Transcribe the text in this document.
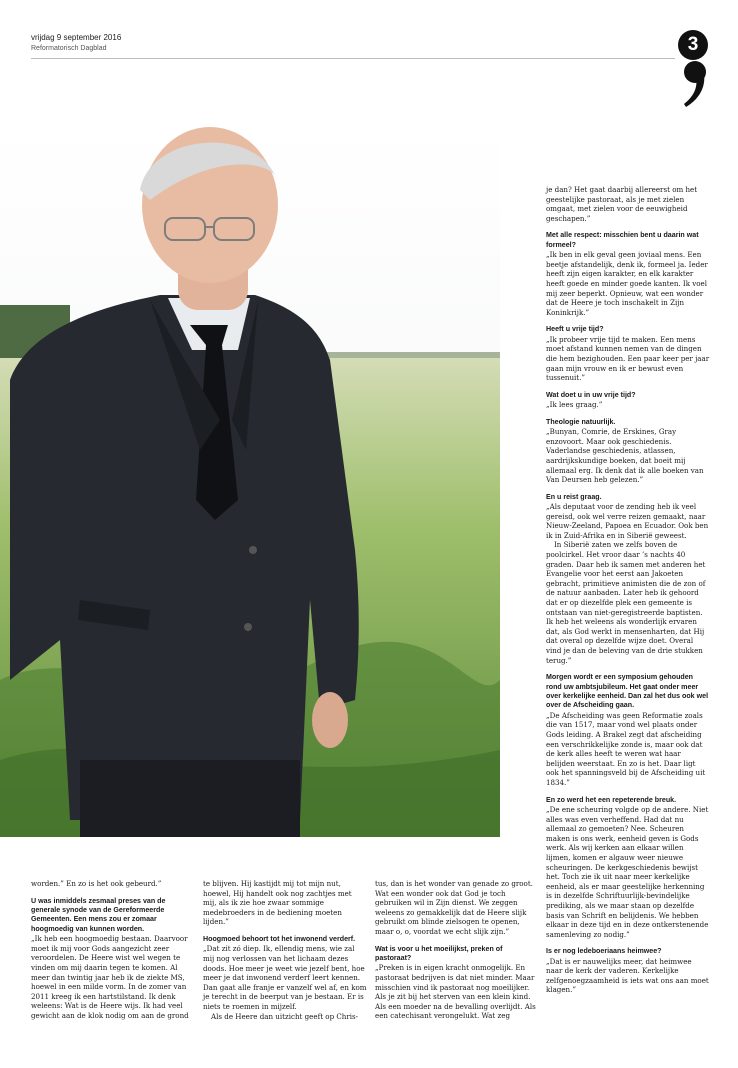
vrijdag 9 september 2016
Reformatorisch Dagblad	3

worden.” En zo is het ook gebeurd.”

U was inmiddels zesmaal preses van de generale synode van de Gereformeerde Gemeenten. Een mens zou er zomaar hoogmoedig van kunnen worden.

„Ik heb een hoogmoedig bestaan. Daarvoor moet ik mij voor Gods aangezicht zeer veroordelen. De Heere wist wel wegen te vinden om mij daarin tegen te komen. Al meer dan twintig jaar heb ik de ziekte MS, hoewel in een milde vorm. In de zomer van 2011 kreeg ik een hartstilstand. Ik denk weleens: Wat is de Heere wijs. Ik had veel gewicht aan de klok nodig om aan de grond

te blijven. Hij kastijdt mij tot mijn nut, hoewel, Hij handelt ook nog zachtjes met mij, als ik zie hoe zwaar sommige medebroeders in de bediening moeten lijden.”

Hoogmoed behoort tot het inwonend verderf.

„Dat zit zó diep. Ik, ellendig mens, wie zal mij nog verlossen van het lichaam dezes doods. Hoe meer je weet wie jezelf bent, hoe meer je dat inwonend verderf leert kennen. Dan gaat alle franje er vanzelf wel af, en kom je terecht in de beerput van je bestaan. Er is niets te roemen in mijzelf.

Als de Heere dan uitzicht geeft op Chris-

tus, dan is het wonder van genade zo groot. Wat een wonder ook dat God je toch gebruiken wil in Zijn dienst. We zeggen weleens zo gemakkelijk dat de Heere slijk gebruikt om blinde zielsogen te openen, maar o, o, voordat we echt slijk zijn.”

Wat is voor u het moeilijkst, preken of pastoraat?

„Preken is in eigen kracht onmogelijk. En pastoraat bedrijven is dat niet minder. Maar misschien vind ik pastoraat nog moeilijker. Als je zit bij het sterven van een klein kind. Als een moeder na de bevalling overlijdt. Als een catechisant verongelukt. Wat zeg

je dan? Het gaat daarbij allereerst om het geestelijke pastoraat, als je met zielen omgaat, met zielen voor de eeuwigheid geschapen.”

Met alle respect: misschien bent u daarin wat formeel?

„Ik ben in elk geval geen joviaal mens. Een beetje afstandelijk, denk ik, formeel ja. Ieder heeft zijn eigen karakter, en elk karakter heeft goede en minder goede kanten. Ik voel mij zeer beperkt. Opnieuw, wat een wonder dat de Heere je toch inschakelt in Zijn Koninkrijk.”

Heeft u vrije tijd?

„Ik probeer vrije tijd te maken. Een mens moet afstand kunnen nemen van de dingen die hem bezighouden. Een paar keer per jaar gaan mijn vrouw en ik er bewust even tussenuit.”

Wat doet u in uw vrije tijd?

„Ik lees graag.”

Theologie natuurlijk.

„Bunyan, Comrie, de Erskines, Gray enzovoort. Maar ook geschiedenis. Vaderlandse geschiedenis, atlassen, aardrijkskundige boeken, dat boeit mij allemaal erg. Ik denk dat ik alle boeken van Van Deursen heb gelezen.”

En u reist graag.

„Als deputaat voor de zending heb ik veel gereisd, ook wel verre reizen gemaakt, naar Nieuw-Zeeland, Papoea en Ecuador. Ook ben ik in Zuid-Afrika en in Siberië geweest.

In Siberië zaten we zelfs boven de poolcirkel. Het vroor daar ’s nachts 40 graden. Daar heb ik samen met anderen het Evangelie voor het eerst aan Jakoeten gebracht, primitieve animisten die de zon of de natuur aanbaden. Later heb ik gehoord dat er op diezelfde plek een gemeente is ontstaan van niet-geregistreerde baptisten. Ik heb het weleens als wonderlijk ervaren dat, als God werkt in mensenharten, dat Hij dat overal op dezelfde wijze doet. Overal vind je dan de beleving van de drie stukken terug.”

Morgen wordt er een symposium gehouden rond uw ambtsjubileum. Het gaat onder meer over kerkelijke eenheid. Dan zal het dus ook wel over de Afscheiding gaan.

„De Afscheiding was geen Reformatie zoals die van 1517, maar vond wel plaats onder Gods leiding. A Brakel zegt dat afscheiding een verschrikkelijke zonde is, maar ook dat de kerk alles heeft te weren wat haar belijden weerstaat. En zo is het. Daar ligt ook het spanningsveld bij de Afscheiding uit 1834.”

En zo werd het een repeterende breuk.

„De ene scheuring volgde op de andere. Niet alles was even verheffend. Had dat nu allemaal zo gemoeten? Nee. Scheuren maken is ons werk, eenheid geven is Gods werk. Als wij kerken aan elkaar willen lijmen, komen er algauw weer nieuwe scheuringen. De kerkgeschiedenis bewijst het. Toch zie ik uit naar meer kerkelijke eenheid, als er maar geestelijke herkenning is in dezelfde Schriftuurlijk-bevindelijke prediking, als we maar staan op dezelfde basis van Schrift en belijdenis. We hebben elkaar in deze tijd en in deze ontkerstenende samenleving zo nodig.”

Is er nog ledeboeriaans heimwee?

„Dat is er nauwelijks meer, dat heimwee naar de kerk der vaderen. Kerkelijke zelfgenoegzaamheid is iets wat ons aan moet klagen.”
